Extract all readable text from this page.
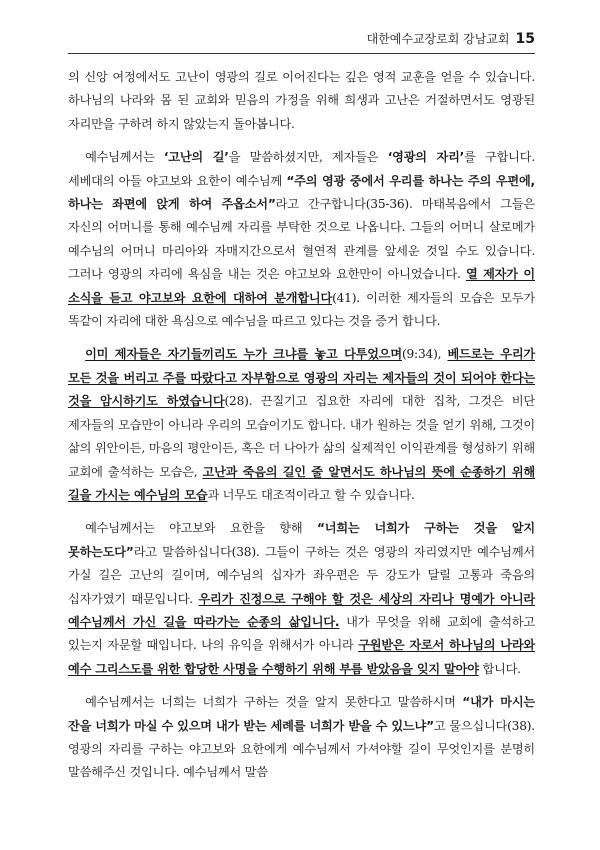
대한예수교장로회 강남교회 15

의 신앙 여정에서도 고난이 영광의 길로 이어진다는 깊은 영적 교훈을 얻을 수 있습니다. 하나님의 나라와 몸 된 교회와 믿음의 가정을 위해 희생과 고난은 거절하면서도 영광된 자리만을 구하려 하지 않았는지 돌아봅니다.

예수님께서는 ‘고난의 길’을 말씀하셨지만, 제자들은 ‘영광의 자리’를 구합니다. 세베대의 아들 야고보와 요한이 예수님께 “주의 영광 중에서 우리를 하나는 주의 우편에, 하나는 좌편에 앉게 하여 주옵소서”라고 간구합니다(35-36). 마태복음에서 그들은 자신의 어머니를 통해 예수님께 자리를 부탁한 것으로 나옵니다. 그들의 어머니 살로메가 예수님의 어머니 마리아와 자매지간으로서 혈연적 관계를 앞세운 것일 수도 있습니다. 그러나 영광의 자리에 욕심을 내는 것은 야고보와 요한만이 아니었습니다. 열 제자가 이 소식을 듣고 야고보와 요한에 대하여 분개합니다(41). 이러한 제자들의 모습은 모두가 똑같이 자리에 대한 욕심으로 예수님을 따르고 있다는 것을 증거 합니다.

이미 제자들은 자기들끼리도 누가 크냐를 놓고 다투었으며(9:34), 베드로는 우리가 모든 것을 버리고 주를 따랐다고 자부함으로 영광의 자리는 제자들의 것이 되어야 한다는 것을 암시하기도 하였습니다(28). 끈질기고 집요한 자리에 대한 집착, 그것은 비단 제자들의 모습만이 아니라 우리의 모습이기도 합니다. 내가 원하는 것을 얻기 위해, 그것이 삶의 위안이든, 마음의 평안이든, 혹은 더 나아가 삶의 실제적인 이익관계를 형성하기 위해 교회에 출석하는 모습은, 고난과 죽음의 길인 줄 알면서도 하나님의 뜻에 순종하기 위해 길을 가시는 예수님의 모습과 너무도 대조적이라고 할 수 있습니다.

예수님께서는 야고보와 요한을 향해 “너희는 너희가 구하는 것을 알지 못하는도다”라고 말씀하십니다(38). 그들이 구하는 것은 영광의 자리였지만 예수님께서 가실 길은 고난의 길이며, 예수님의 십자가 좌우편은 두 강도가 달릴 고통과 죽음의 십자가였기 때문입니다. 우리가 진정으로 구해야 할 것은 세상의 자리나 명예가 아니라 예수님께서 가신 길을 따라가는 순종의 삶입니다. 내가 무엇을 위해 교회에 출석하고 있는지 자문할 때입니다. 나의 유익을 위해서가 아니라 구원받은 자로서 하나님의 나라와 예수 그리스도를 위한 합당한 사명을 수행하기 위해 부름 받았음을 잊지 말아야 합니다.

예수님께서는 너희는 너희가 구하는 것을 알지 못한다고 말씀하시며 “내가 마시는 잔을 너희가 마실 수 있으며 내가 받는 세례를 너희가 받을 수 있느냐”고 물으십니다(38). 영광의 자리를 구하는 야고보와 요한에게 예수님께서 가셔야할 길이 무엇인지를 분명히 말씀해주신 것입니다. 예수님께서 말씀
